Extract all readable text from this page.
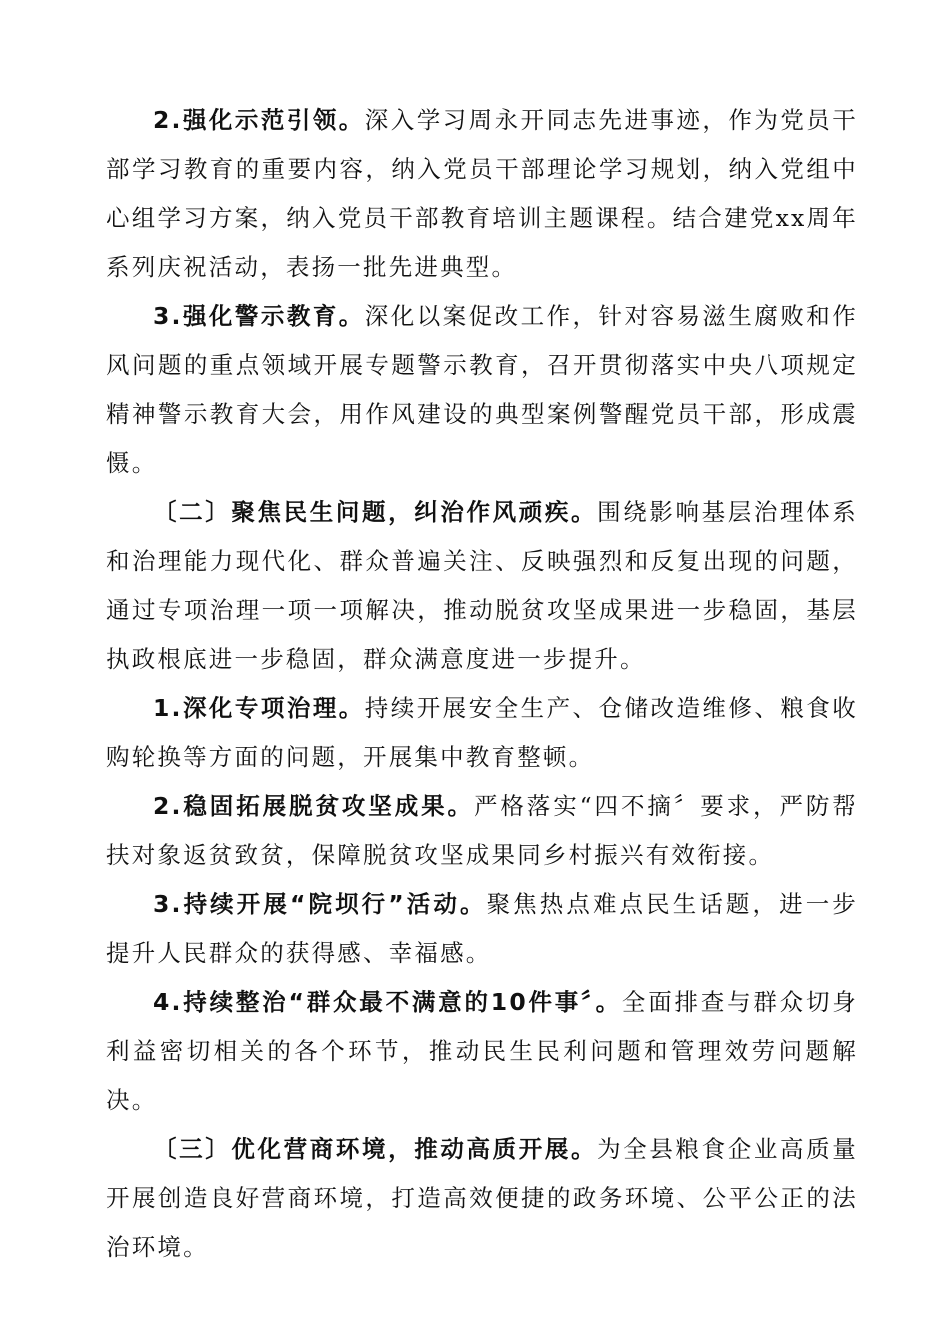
2.强化示范引领。深入学习周永开同志先进事迹，作为党员干部学习教育的重要内容，纳入党员干部理论学习规划，纳入党组中心组学习方案，纳入党员干部教育培训主题课程。结合建党xx周年系列庆祝活动，表扬一批先进典型。

3.强化警示教育。深化以案促改工作，针对容易滋生腐败和作风问题的重点领域开展专题警示教育，召开贯彻落实中央八项规定精神警示教育大会，用作风建设的典型案例警醒党员干部，形成震慑。

〔二〕聚焦民生问题，纠治作风顽疾。围绕影响基层治理体系和治理能力现代化、群众普遍关注、反映强烈和反复出现的问题，通过专项治理一项一项解决，推动脱贫攻坚成果进一步稳固，基层执政根底进一步稳固，群众满意度进一步提升。

1.深化专项治理。持续开展安全生产、仓储改造维修、粮食收购轮换等方面的问题，开展集中教育整顿。

2.稳固拓展脱贫攻坚成果。严格落实“四不摘〞要求，严防帮扶对象返贫致贫，保障脱贫攻坚成果同乡村振兴有效衔接。

3.持续开展“院坝行”活动。聚焦热点难点民生话题，进一步提升人民群众的获得感、幸福感。

4.持续整治“群众最不满意的10件事〞。全面排查与群众切身利益密切相关的各个环节，推动民生民利问题和管理效劳问题解决。

〔三〕优化营商环境，推动高质开展。为全县粮食企业高质量开展创造良好营商环境，打造高效便捷的政务环境、公平公正的法治环境。
